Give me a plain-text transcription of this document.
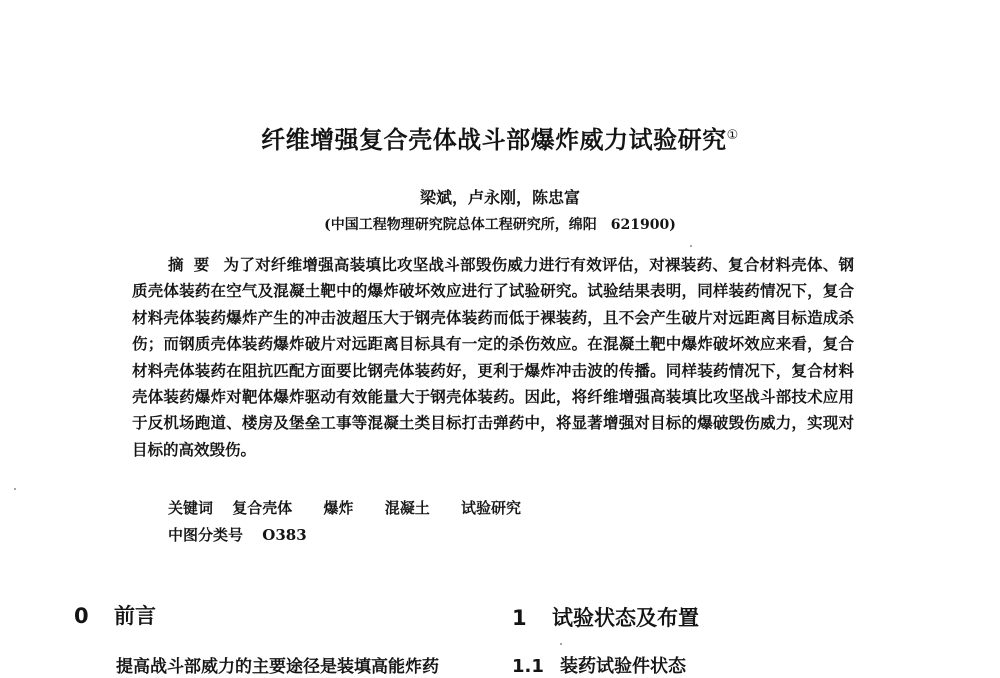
纤维增强复合壳体战斗部爆炸威力试验研究①
梁斌，卢永刚，陈忠富
(中国工程物理研究院总体工程研究所，绵阳　621900)
摘要 为了对纤维增强高装填比攻坚战斗部毁伤威力进行有效评估，对裸装药、复合材料壳体、钢质壳体装药在空气及混凝土靶中的爆炸破坏效应进行了试验研究。试验结果表明，同样装药情况下，复合材料壳体装药爆炸产生的冲击波超压大于钢壳体装药而低于裸装药，且不会产生破片对远距离目标造成杀伤；而钢质壳体装药爆炸破片对远距离目标具有一定的杀伤效应。在混凝土靶中爆炸破坏效应来看，复合材料壳体装药在阻抗匹配方面要比钢壳体装药好，更利于爆炸冲击波的传播。同样装药情况下，复合材料壳体装药爆炸对靶体爆炸驱动有效能量大于钢壳体装药。因此，将纤维增强高装填比攻坚战斗部技术应用于反机场跑道、楼房及堡垒工事等混凝土类目标打击弹药中，将显著增强对目标的爆破毁伤威力，实现对目标的高效毁伤。
关键词 复合壳体 爆炸 混凝土 试验研究
中图分类号 O383
0 前言	1 试验状态及布置
1.1 装药试验件状态
提高战斗部威力的主要途径是装填高能炸药
